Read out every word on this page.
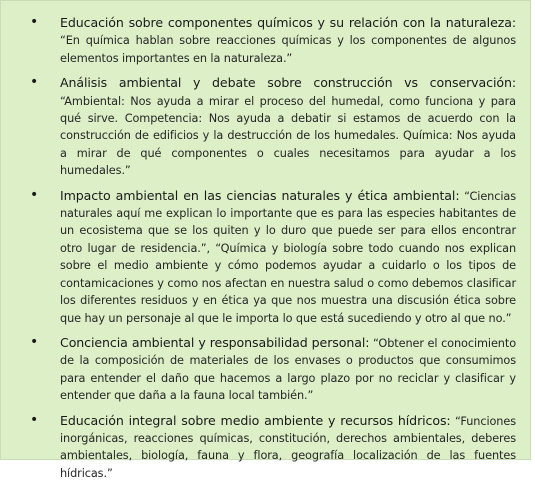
• Educación sobre componentes químicos y su relación con la naturaleza: “En química hablan sobre reacciones químicas y los componentes de algunos elementos importantes en la naturaleza.”
• Análisis ambiental y debate sobre construcción vs conservación: “Ambiental: Nos ayuda a mirar el proceso del humedal, como funciona y para qué sirve. Competencia: Nos ayuda a debatir si estamos de acuerdo con la construcción de edificios y la destrucción de los humedales. Química: Nos ayuda a mirar de qué componentes o cuales necesitamos para ayudar a los humedales.”
• Impacto ambiental en las ciencias naturales y ética ambiental: “Ciencias naturales aquí me explican lo importante que es para las especies habitantes de un ecosistema que se los quiten y lo duro que puede ser para ellos encontrar otro lugar de residencia.”, “Química y biología sobre todo cuando nos explican sobre el medio ambiente y cómo podemos ayudar a cuidarlo o los tipos de contamicaciones y como nos afectan en nuestra salud o como debemos clasificar los diferentes residuos y en ética ya que nos muestra una discusión ética sobre que hay un personaje al que le importa lo que está sucediendo y otro al que no.”
• Conciencia ambiental y responsabilidad personal: “Obtener el conocimiento de la composición de materiales de los envases o productos que consumimos para entender el daño que hacemos a largo plazo por no reciclar y clasificar y entender que daña a la fauna local también.”
• Educación integral sobre medio ambiente y recursos hídricos: “Funciones inorgánicas, reacciones químicas, constitución, derechos ambientales, deberes ambientales, biología, fauna y flora, geografía localización de las fuentes hídricas.”
